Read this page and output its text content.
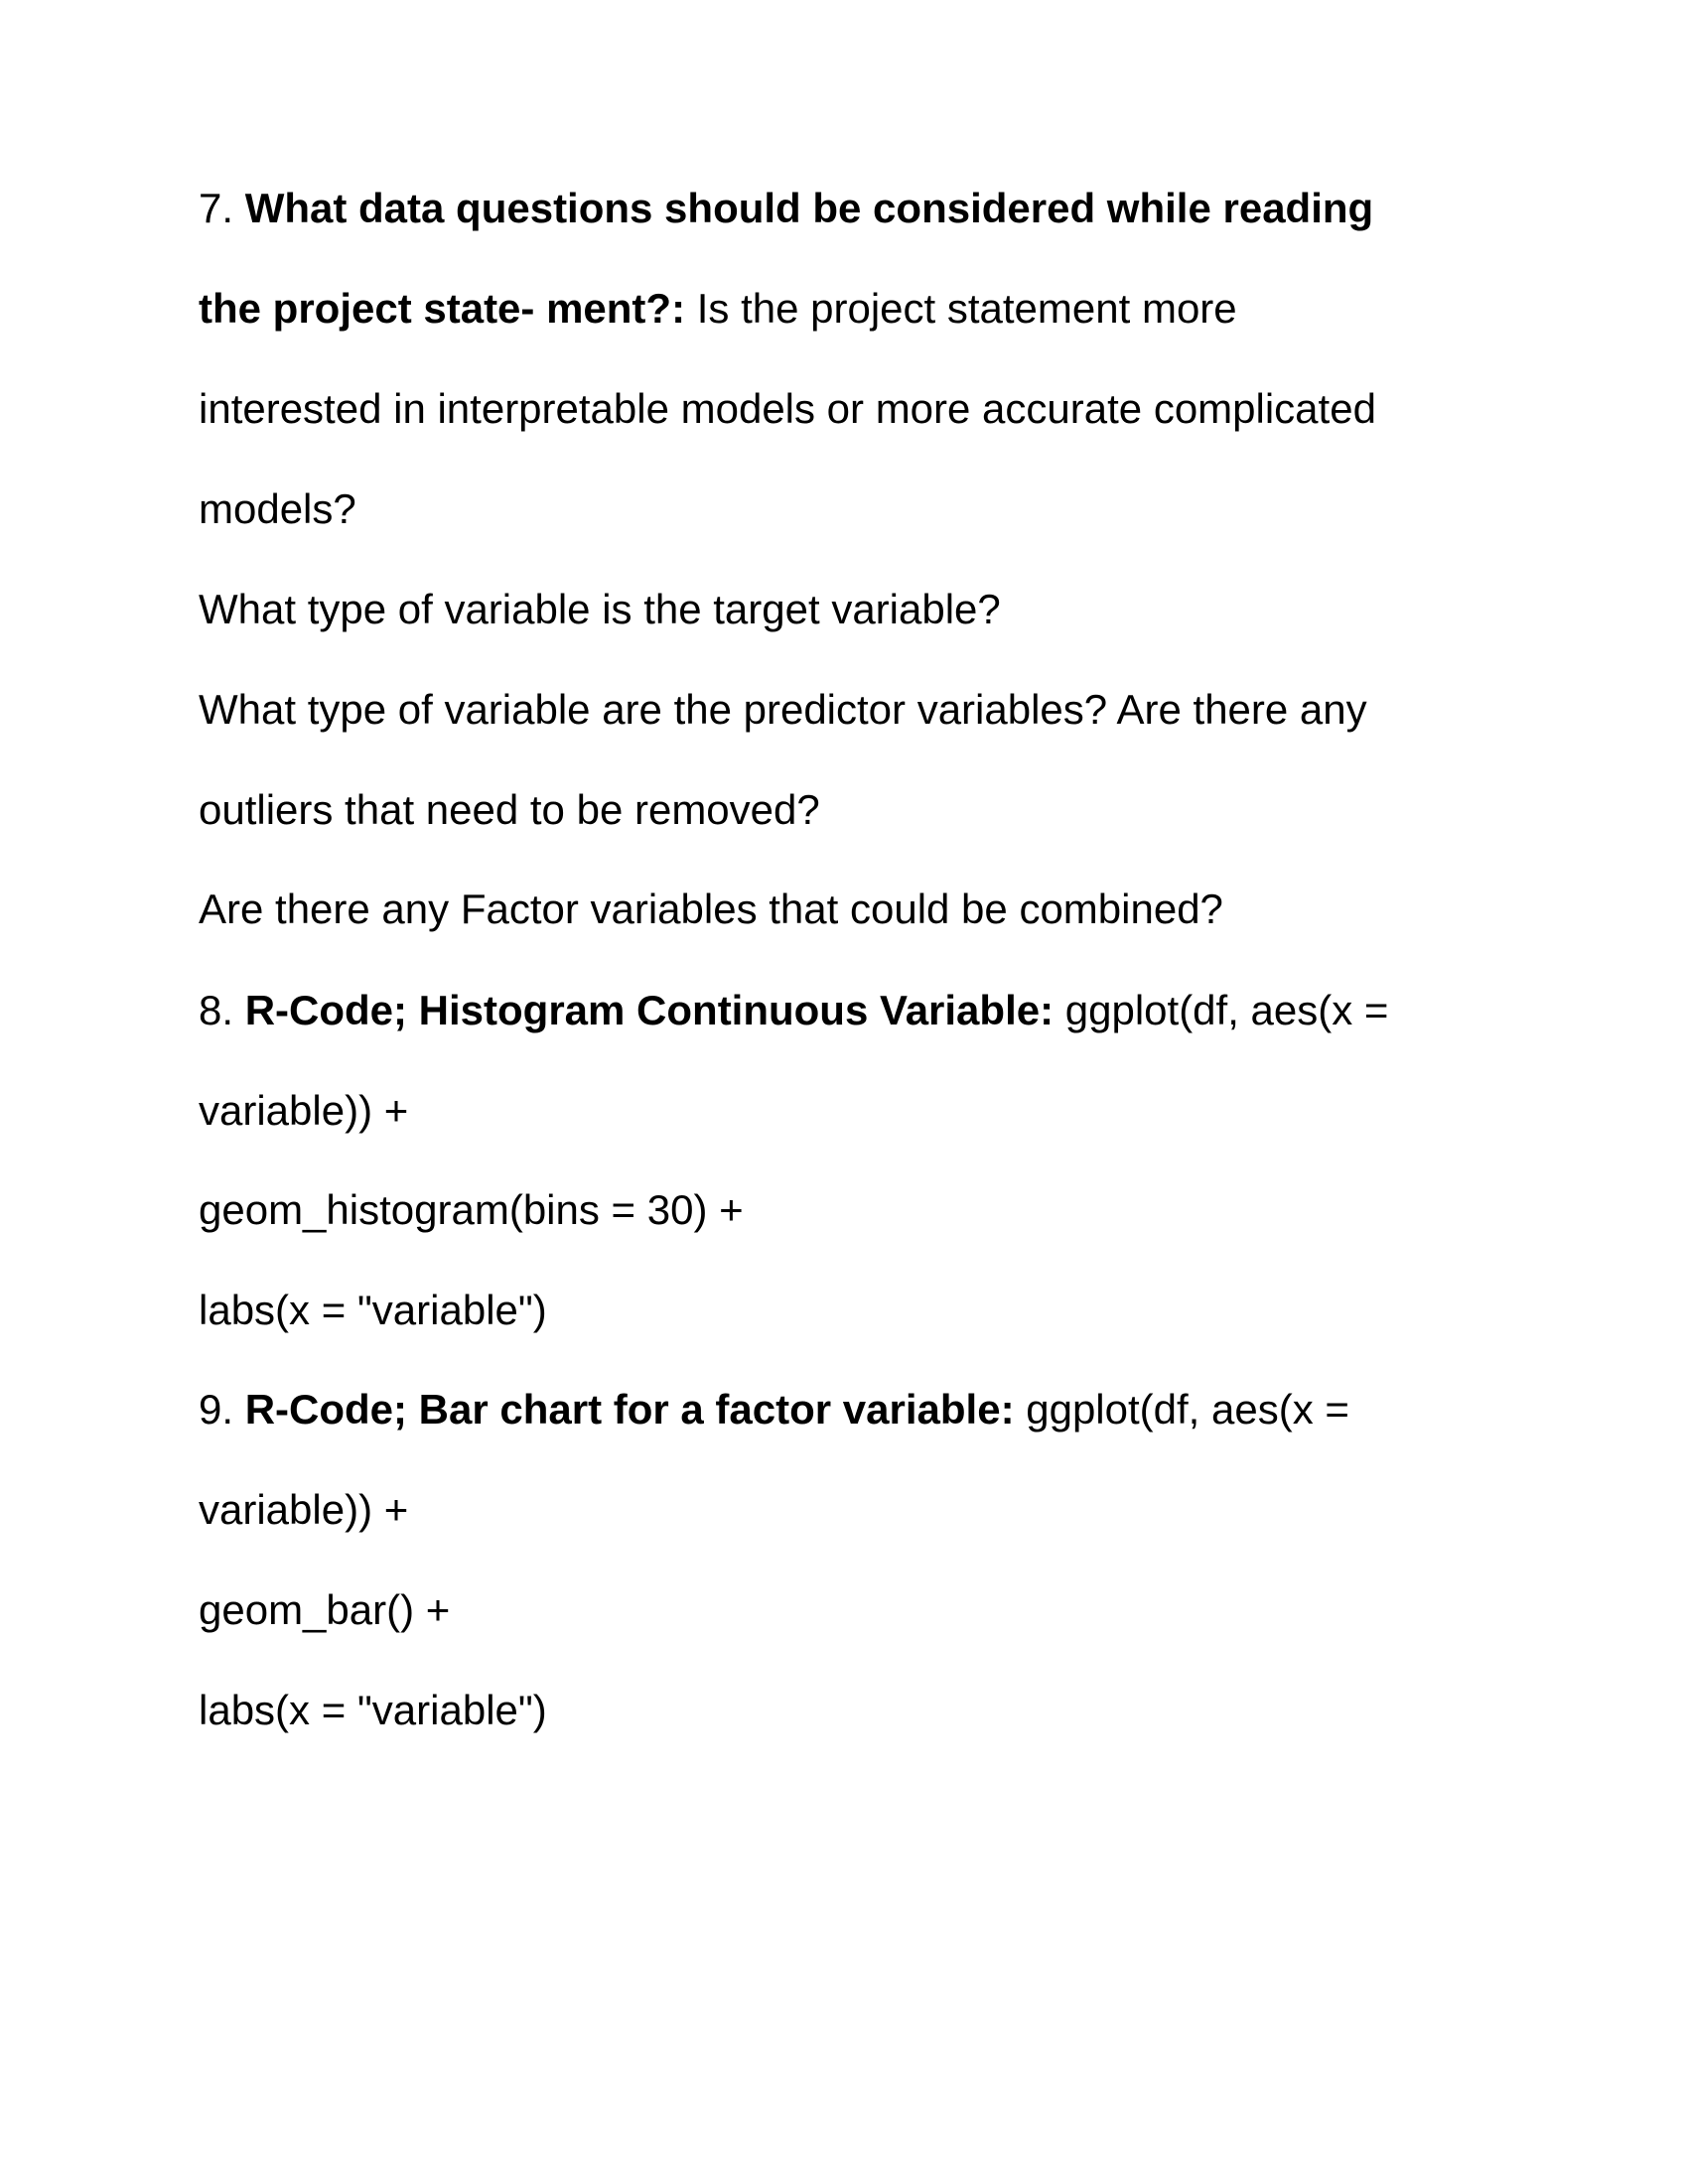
7. What data questions should be considered while reading
the project state- ment?: Is the project statement more
interested in interpretable models or more accurate complicated
models?
What type of variable is the target variable?
What type of variable are the predictor variables? Are there any
outliers that need to be removed?
Are there any Factor variables that could be combined?
8. R-Code; Histogram Continuous Variable: ggplot(df, aes(x =
variable)) +
geom_histogram(bins = 30) +
labs(x = "variable")
9. R-Code; Bar chart for a factor variable: ggplot(df, aes(x =
variable)) +
geom_bar() +
labs(x = "variable")
